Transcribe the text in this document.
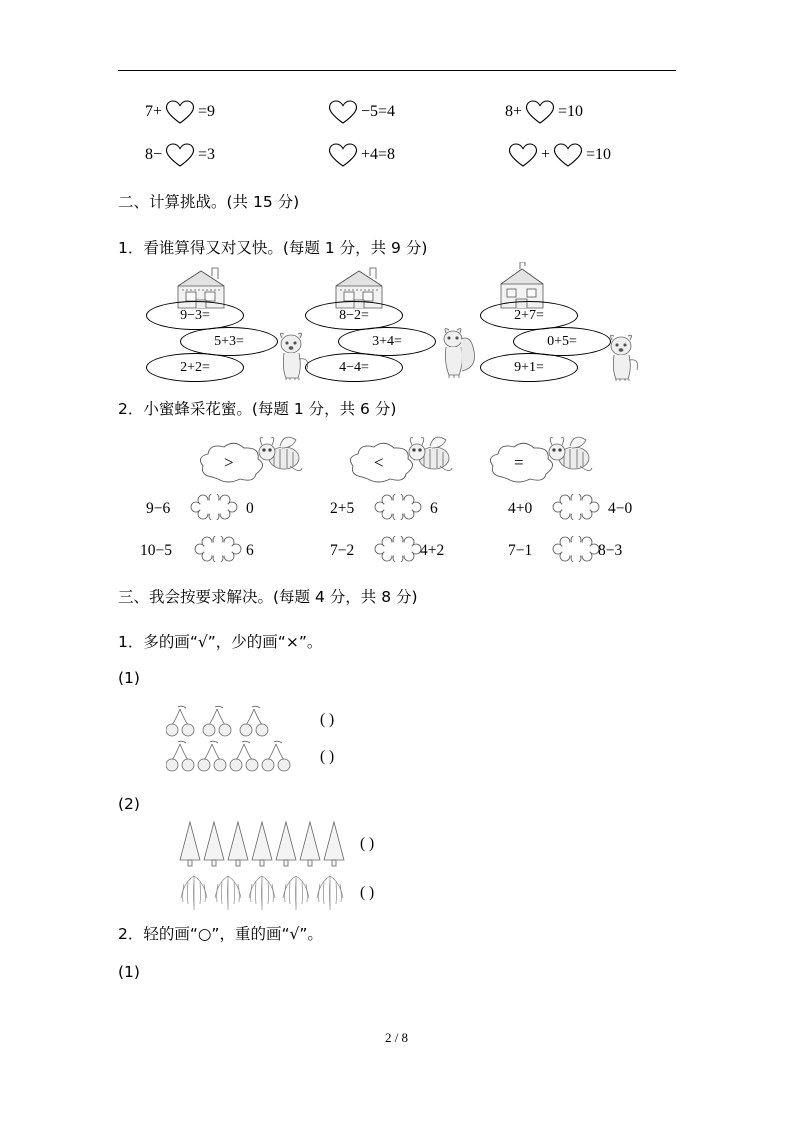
7+ =9	−5=4	8+ =10
8− =3	+4=8	+ =10
二、计算挑战。(共 15 分)
1．看谁算得又对又快。(每题 1 分，共 9 分)
9−3=
5+3=
2+2=
8−2=
3+4=
4−4=
2+7=
0+5=
9+1=
2．小蜜蜂采花蜜。(每题 1 分，共 6 分)
>	<	=
9−6	0	2+5	6	4+0	4−0
10−5	6	7−2	4+2	7−1	8−3
三、我会按要求解决。(每题 4 分，共 8 分)
1．多的画“√”，少的画“×”。
(1)
( )
( )
(2)
( )
( )
2．轻的画“○”，重的画“√”。
(1)
2 / 8
